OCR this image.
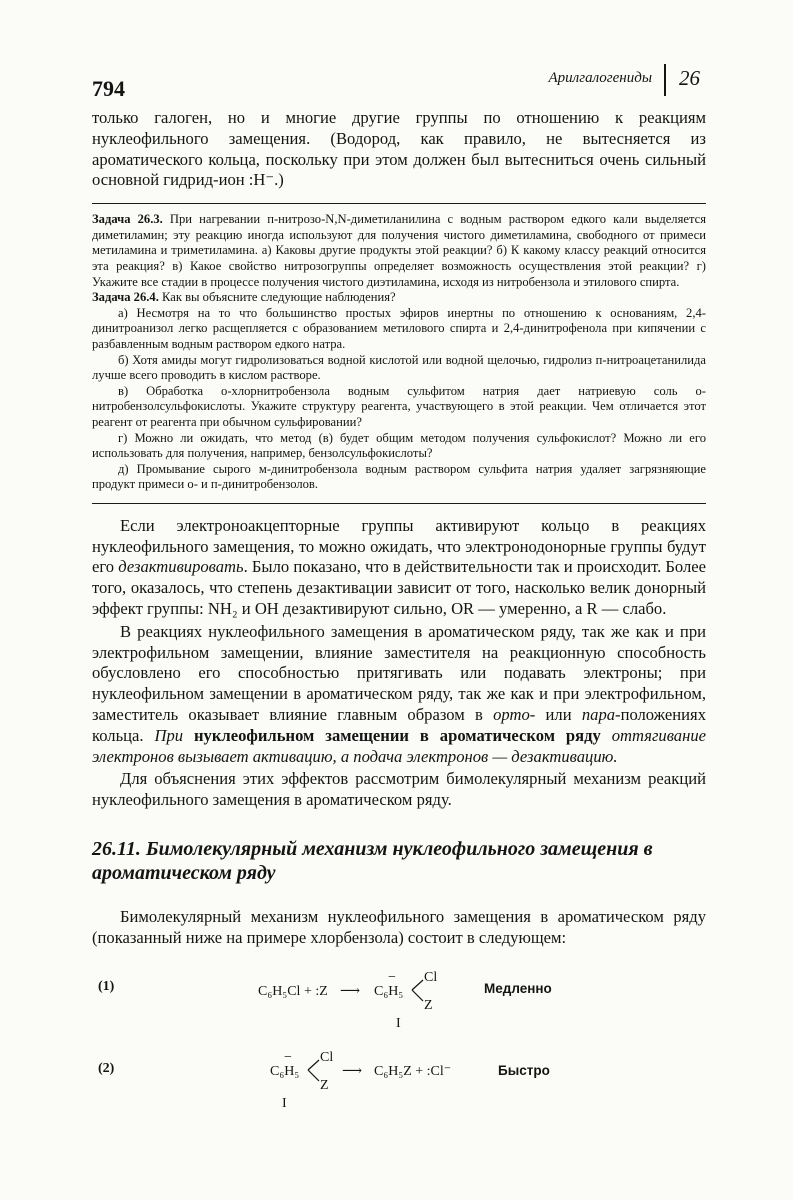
794	Арилгалогениды 26

только галоген, но и многие другие группы по отношению к реакциям нуклеофильного замещения. (Водород, как правило, не вытесняется из ароматического кольца, поскольку при этом должен был вытесниться очень сильный основной гидрид-ион :H⁻.)

Задача 26.3. При нагревании п-нитрозо-N,N-диметиланилина с водным раствором едкого кали выделяется диметиламин; эту реакцию иногда используют для получения чистого диметиламина, свободного от примеси метиламина и триметиламина. а) Каковы другие продукты этой реакции? б) К какому классу реакций относится эта реакция? в) Какое свойство нитрозогруппы определяет возможность осуществления этой реакции? г) Укажите все стадии в процессе получения чистого диэтиламина, исходя из нитробензола и этилового спирта.

Задача 26.4. Как вы объясните следующие наблюдения?

а) Несмотря на то что большинство простых эфиров инертны по отношению к основаниям, 2,4-динитроанизол легко расщепляется с образованием метилового спирта и 2,4-динитрофенола при кипячении с разбавленным водным раствором едкого натра.

б) Хотя амиды могут гидролизоваться водной кислотой или водной щелочью, гидролиз п-нитроацетанилида лучше всего проводить в кислом растворе.

в) Обработка о-хлорнитробензола водным сульфитом натрия дает натриевую соль о-нитробензолсульфокислоты. Укажите структуру реагента, участвующего в этой реакции. Чем отличается этот реагент от реагента при обычном сульфировании?

г) Можно ли ожидать, что метод (в) будет общим методом получения сульфокислот? Можно ли его использовать для получения, например, бензолсульфокислоты?

д) Промывание сырого м-динитробензола водным раствором сульфита натрия удаляет загрязняющие продукт примеси о- и п-динитробензолов.

Если электроноакцепторные группы активируют кольцо в реакциях нуклеофильного замещения, то можно ожидать, что электронодонорные группы будут его дезактивировать. Было показано, что в действительности так и происходит. Более того, оказалось, что степень дезактивации зависит от того, насколько велик донорный эффект группы: NH₂ и OH дезактивируют сильно, OR — умеренно, а R — слабо.

В реакциях нуклеофильного замещения в ароматическом ряду, так же как и при электрофильном замещении, влияние заместителя на реакционную способность обусловлено его способностью притягивать или подавать электроны; при нуклеофильном замещении в ароматическом ряду, так же как и при электрофильном, заместитель оказывает влияние главным образом в орто- или пара-положениях кольца. При нуклеофильном замещении в ароматическом ряду оттягивание электронов вызывает активацию, а подача электронов — дезактивацию.

Для объяснения этих эффектов рассмотрим бимолекулярный механизм реакций нуклеофильного замещения в ароматическом ряду.

26.11. Бимолекулярный механизм нуклеофильного замещения в ароматическом ряду

Бимолекулярный механизм нуклеофильного замещения в ароматическом ряду (показанный ниже на примере хлорбензола) состоит в следующем:

(1)	C₆H₅Cl + :Z ⟶ C₆H₅
− Cl
Z
I
Медленно
(2)	C₆H₅
− Cl
Z
I
⟶ C₆H₅Z + :Cl⁻	Быстро
